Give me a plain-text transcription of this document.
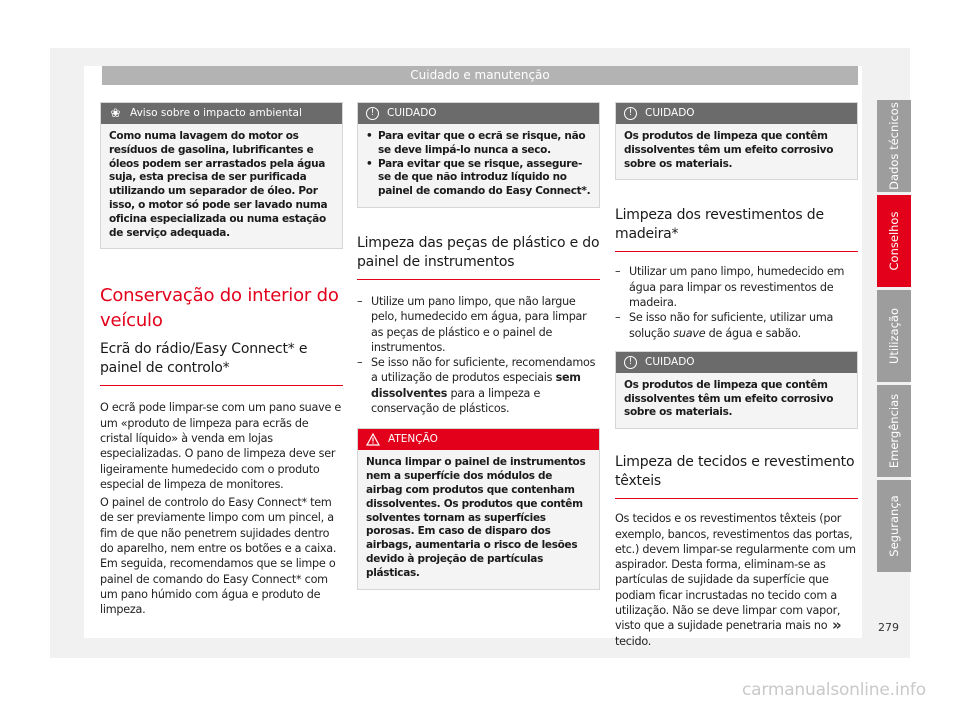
Cuidado e manutenção
❀ Aviso sobre o impacto ambiental
Como numa lavagem do motor os resíduos de gasolina, lubrificantes e óleos podem ser arrastados pela água suja, esta precisa de ser purificada utilizando um separador de óleo. Por isso, o motor só pode ser lavado numa oficina especializada ou numa estação de serviço adequada.
Conservação do interior do veículo
Ecrã do rádio/Easy Connect* e painel de controlo*
O ecrã pode limpar-se com um pano suave e um «produto de limpeza para ecrãs de cristal líquido» à venda em lojas especializadas. O pano de limpeza deve ser ligeiramente humedecido com o produto especial de limpeza de monitores.
O painel de controlo do Easy Connect* tem de ser previamente limpo com um pincel, a fim de que não penetrem sujidades dentro do aparelho, nem entre os botões e a caixa. Em seguida, recomendamos que se limpe o painel de comando do Easy Connect* com um pano húmido com água e produto de limpeza.
!	CUIDADO
• Para evitar que o ecrã se risque, não se deve limpá-lo nunca a seco.
• Para evitar que se risque, assegure-se de que não introduz líquido no painel de comando do Easy Connect*.
Limpeza das peças de plástico e do painel de instrumentos
– Utilize um pano limpo, que não largue pelo, humedecido em água, para limpar as peças de plástico e o painel de instrumentos.
– Se isso não for suficiente, recomendamos a utilização de produtos especiais sem dissolventes para a limpeza e conservação de plásticos.
ATENÇÃO
Nunca limpar o painel de instrumentos nem a superfície dos módulos de airbag com produtos que contenham dissolventes. Os produtos que contêm solventes tornam as superfícies porosas. Em caso de disparo dos airbags, aumentaria o risco de lesões devido à projeção de partículas plásticas.
!	CUIDADO
Os produtos de limpeza que contêm dissolventes têm um efeito corrosivo sobre os materiais.
Limpeza dos revestimentos de madeira*
– Utilizar um pano limpo, humedecido em água para limpar os revestimentos de madeira.
– Se isso não for suficiente, utilizar uma solução suave de água e sabão.
!	CUIDADO
Os produtos de limpeza que contêm dissolventes têm um efeito corrosivo sobre os materiais.
Limpeza de tecidos e revestimento têxteis
Os tecidos e os revestimentos têxteis (por exemplo, bancos, revestimentos das portas, etc.) devem limpar-se regularmente com um aspirador. Desta forma, eliminam-se as partículas de sujidade da superfície que podiam ficar incrustadas no tecido com a utilização. Não se deve limpar com vapor, visto que a sujidade penetraria mais no tecido.
Dados técnicos
Conselhos
Utilização
Emergências
Segurança
»	279
carmanualsonline.info
